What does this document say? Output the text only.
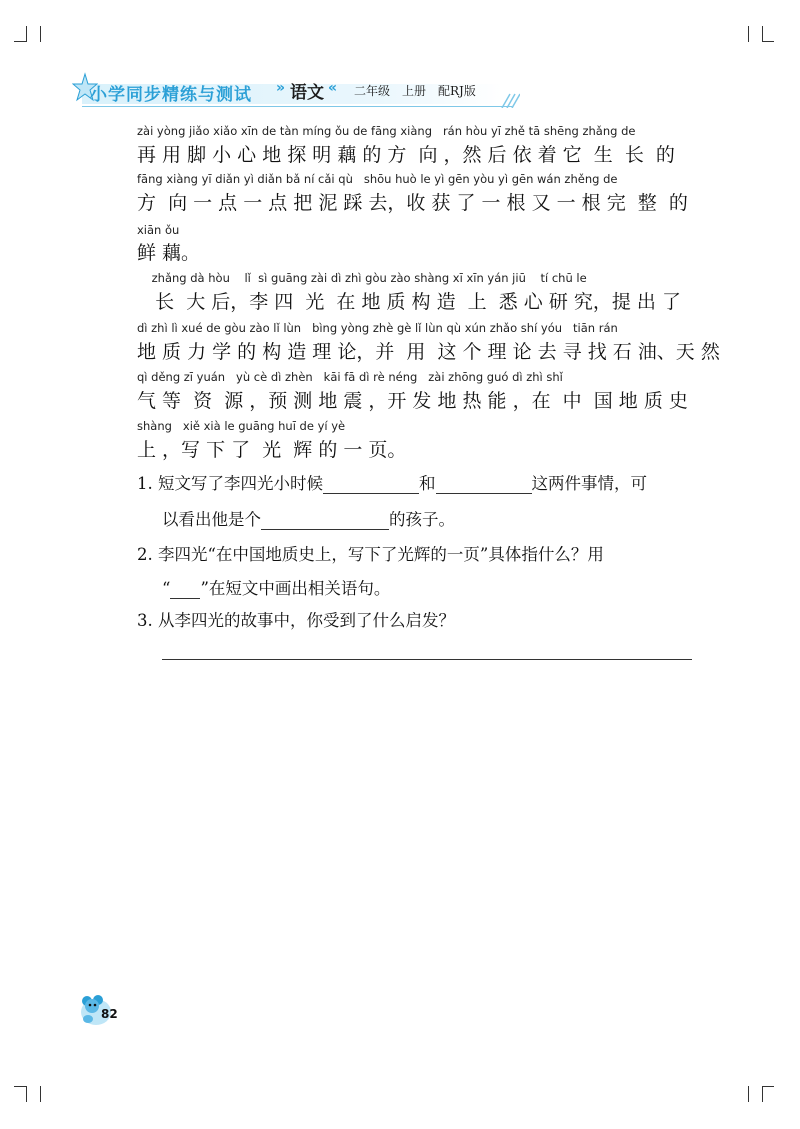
小学同步精练与测试 » 语文 « 二年级　上册　配RJ版
zài yòng jiǎo xiǎo xīn de tàn míng ǒu de fāng xiàng   rán hòu yī zhě tā shēng zhǎng de
再 用 脚 小 心 地 探 明 藕 的 方  向 ，然 后 依 着 它  生  长  的
fāng xiàng yī diǎn yì diǎn bǎ ní cǎi qù   shōu huò le yì gēn yòu yì gēn wán zhěng de
方  向 一 点 一 点 把 泥 踩 去，收 获 了 一 根 又 一 根 完  整  的
xiān ǒu
鲜 藕。
zhǎng dà hòu    lǐ  sì guāng zài dì zhì gòu zào shàng xī xīn yán jiū    tí chū le
长  大 后，李 四  光  在 地 质 构 造  上  悉 心 研 究，提 出 了
dì zhì lì xué de gòu zào lǐ lùn   bìng yòng zhè gè lǐ lùn qù xún zhǎo shí yóu   tiān rán
地 质 力 学 的 构 造 理 论，并  用  这 个 理 论 去 寻 找 石 油、天 然
qì děng zī yuán   yù cè dì zhèn   kāi fā dì rè néng   zài zhōng guó dì zhì shǐ
气 等  资  源 ，预 测 地 震 ，开 发 地 热 能 ，在  中  国 地 质 史
shàng   xiě xià le guāng huī de yí yè
上 ，写 下 了  光  辉 的 一 页。
1. 短文写了李四光小时候	和	这两件事情，可
以看出他是个	的孩子。
2. 李四光“在中国地质史上，写下了光辉的一页”具体指什么？用
“ ”在短文中画出相关语句。
3. 从李四光的故事中，你受到了什么启发？
82
